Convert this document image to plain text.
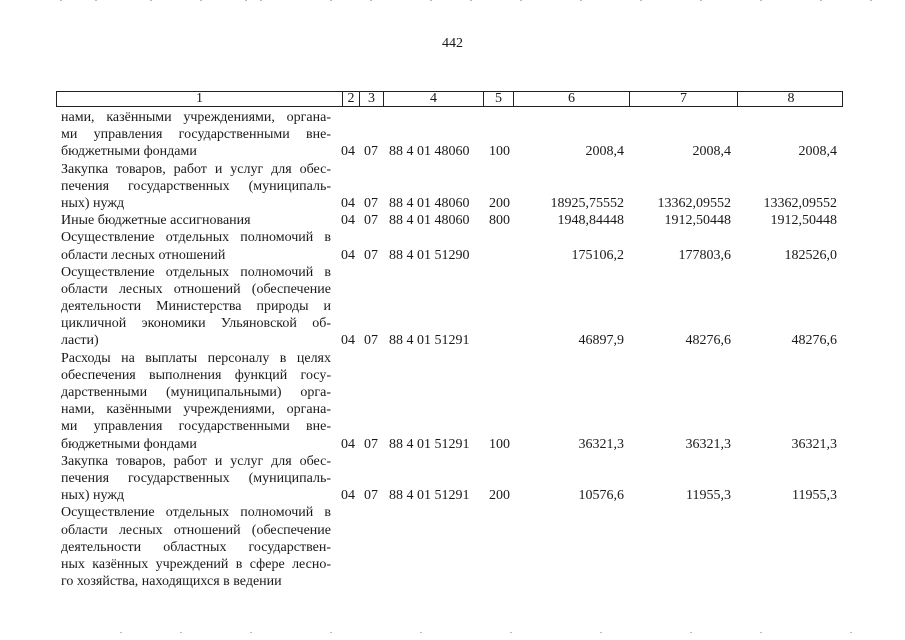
442
1	2 3	4	5	6	7	8
нами, казёнными учреждениями, органа-
ми управления государственными вне-
бюджетными фондами	04 07 88 4 01 48060 100	2008,4	2008,4	2008,4
Закупка товаров, работ и услуг для обес-
печения государственных (муниципаль-
ных) нужд	04 07 88 4 01 48060 200	18925,75552 13362,09552 13362,09552
Иные бюджетные ассигнования	04 07 88 4 01 48060 800	1948,84448	1912,50448	1912,50448
Осуществление отдельных полномочий в
области лесных отношений	04 07 88 4 01 51290	175106,2	177803,6	182526,0
Осуществление отдельных полномочий в
области лесных отношений (обеспечение
деятельности Министерства природы и
цикличной экономики Ульяновской об-
ласти)	04 07 88 4 01 51291	46897,9	48276,6	48276,6
Расходы на выплаты персоналу в целях
обеспечения выполнения функций госу-
дарственными (муниципальными) орга-
нами, казёнными учреждениями, органа-
ми управления государственными вне-
бюджетными фондами	04 07 88 4 01 51291 100	36321,3	36321,3	36321,3
Закупка товаров, работ и услуг для обес-
печения государственных (муниципаль-
ных) нужд	04 07 88 4 01 51291 200	10576,6	11955,3	11955,3
Осуществление отдельных полномочий в
области лесных отношений (обеспечение
деятельности областных государствен-
ных казённых учреждений в сфере лесно-
го хозяйства, находящихся в ведении
